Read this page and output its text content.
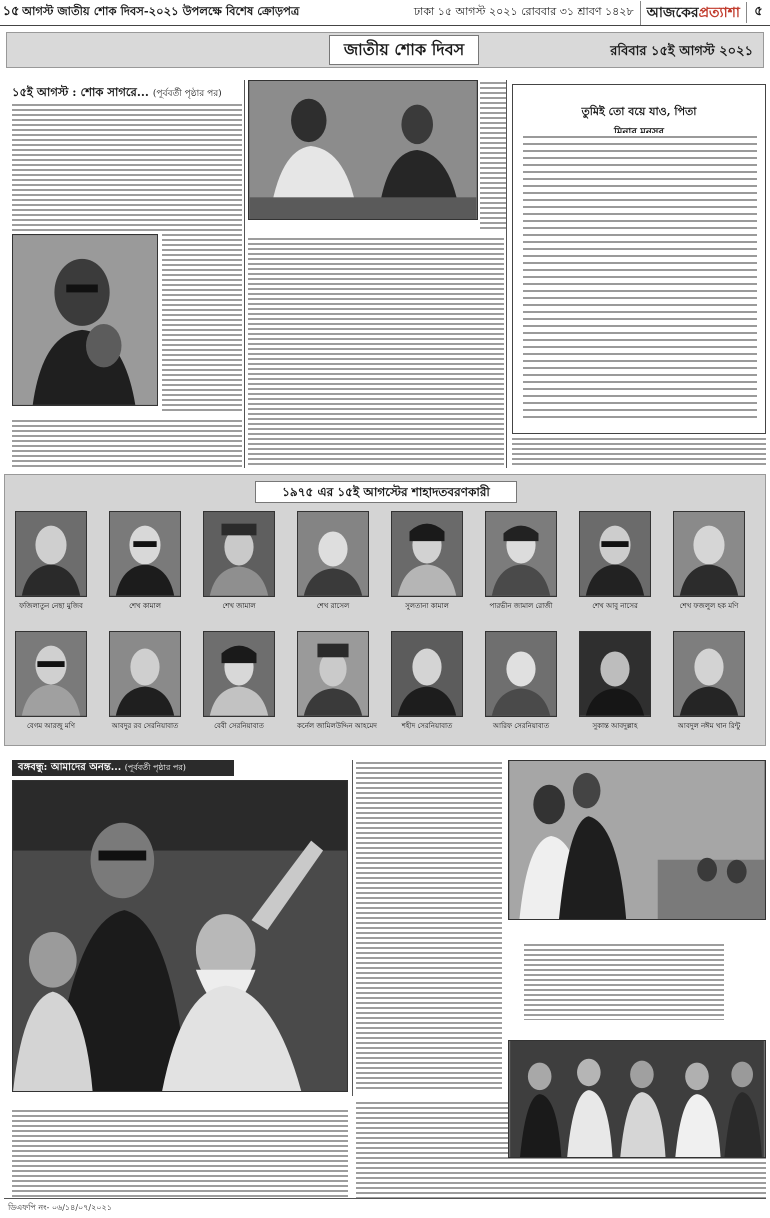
১৫ আগস্ট জাতীয় শোক দিবস-২০২১ উপলক্ষে বিশেষ ক্রোড়পত্র	ঢাকা ১৫ আগস্ট ২০২১ রোববার ৩১ শ্রাবণ ১৪২৮ আজকেরপ্রত্যাশা	৫
জাতীয় শোক দিবস	রবিবার ১৫ই আগস্ট ২০২১
১৫ই আগস্ট : শোক সাগরে... (পূর্ববর্তী পৃষ্ঠার পর)
তুমিই তো বয়ে যাও, পিতা
১৯৭৫ এর ১৫ই আগস্টের শাহাদতবরণকারী
ফজিলাতুন নেছা মুজিব	শেখ কামাল	শেখ জামাল	শেখ রাসেল	সুলতানা কামাল	পারভীন জামাল রোজী	শেখ আবু নাসের	শেখ ফজলুল হক মণি
বেগম আরজু মণি	আবদুর রব সেরনিয়াবাত	বেবী সেরনিয়াবাত	কর্নেল জামিলউদ্দিন আহমেদ	শহীদ সেরনিয়াবাত	আরিফ সেরনিয়াবাত	সুকান্ত আবদুল্লাহ	আবদুল নঈম খান রিন্টু
বঙ্গবন্ধু: আমাদের অনন্ত... (পূর্ববর্তী পৃষ্ঠার পর)
ডিএফপি নং- ০৬/১৪/০৭/২০২১
